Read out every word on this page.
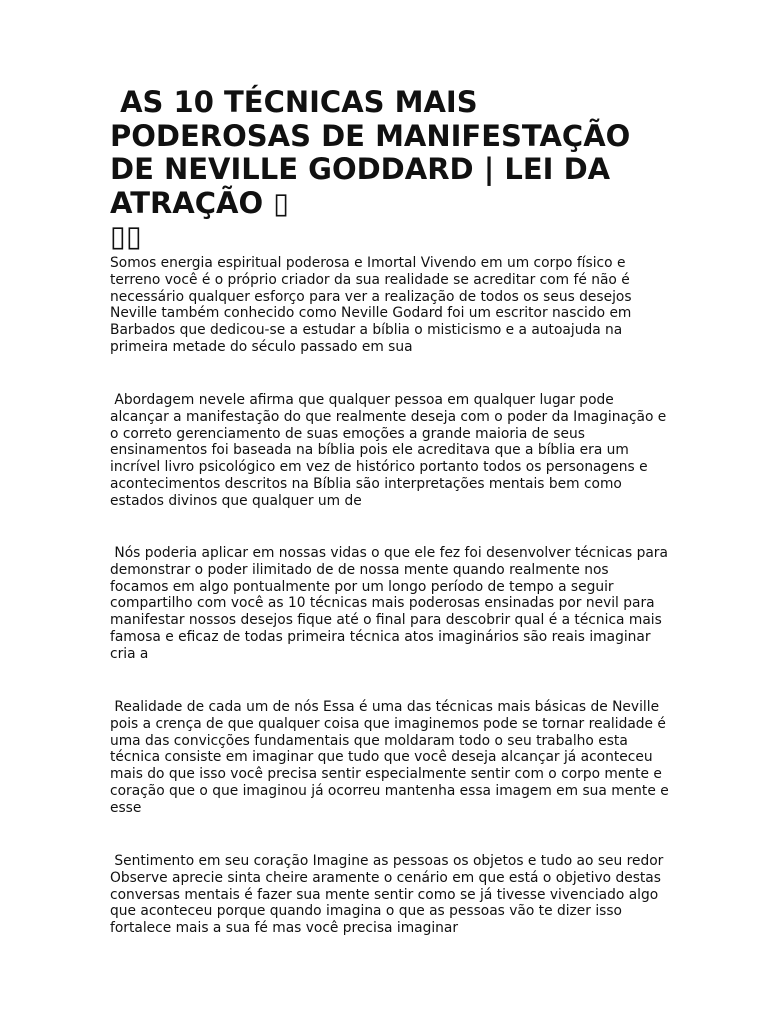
AS 10 TÉCNICAS MAIS PODEROSAS DE MANIFESTAÇÃO DE NEVILLE GODDARD | LEI DA ATRAÇÃO ▯
▯▯

Somos energia espiritual poderosa e Imortal Vivendo em um corpo físico e terreno você é o próprio criador da sua realidade se acreditar com fé não é necessário qualquer esforço para ver a realização de todos os seus desejos Neville também conhecido como Neville Godard foi um escritor nascido em Barbados que dedicou-se a estudar a bíblia o misticismo e a autoajuda na primeira metade do século passado em sua

Abordagem nevele afirma que qualquer pessoa em qualquer lugar pode alcançar a manifestação do que realmente deseja com o poder da Imaginação e o correto gerenciamento de suas emoções a grande maioria de seus ensinamentos foi baseada na bíblia pois ele acreditava que a bíblia era um incrível livro psicológico em vez de histórico portanto todos os personagens e acontecimentos descritos na Bíblia são interpretações mentais bem como estados divinos que qualquer um de

Nós poderia aplicar em nossas vidas o que ele fez foi desenvolver técnicas para demonstrar o poder ilimitado de de nossa mente quando realmente nos focamos em algo pontualmente por um longo período de tempo a seguir compartilho com você as 10 técnicas mais poderosas ensinadas por nevil para manifestar nossos desejos fique até o final para descobrir qual é a técnica mais famosa e eficaz de todas primeira técnica atos imaginários são reais imaginar cria a

Realidade de cada um de nós Essa é uma das técnicas mais básicas de Neville pois a crença de que qualquer coisa que imaginemos pode se tornar realidade é uma das convicções fundamentais que moldaram todo o seu trabalho esta técnica consiste em imaginar que tudo que você deseja alcançar já aconteceu mais do que isso você precisa sentir especialmente sentir com o corpo mente e coração que o que imaginou já ocorreu mantenha essa imagem em sua mente e esse

Sentimento em seu coração Imagine as pessoas os objetos e tudo ao seu redor Observe aprecie sinta cheire aramente o cenário em que está o objetivo destas conversas mentais é fazer sua mente sentir como se já tivesse vivenciado algo que aconteceu porque quando imagina o que as pessoas vão te dizer isso fortalece mais a sua fé mas você precisa imaginar
